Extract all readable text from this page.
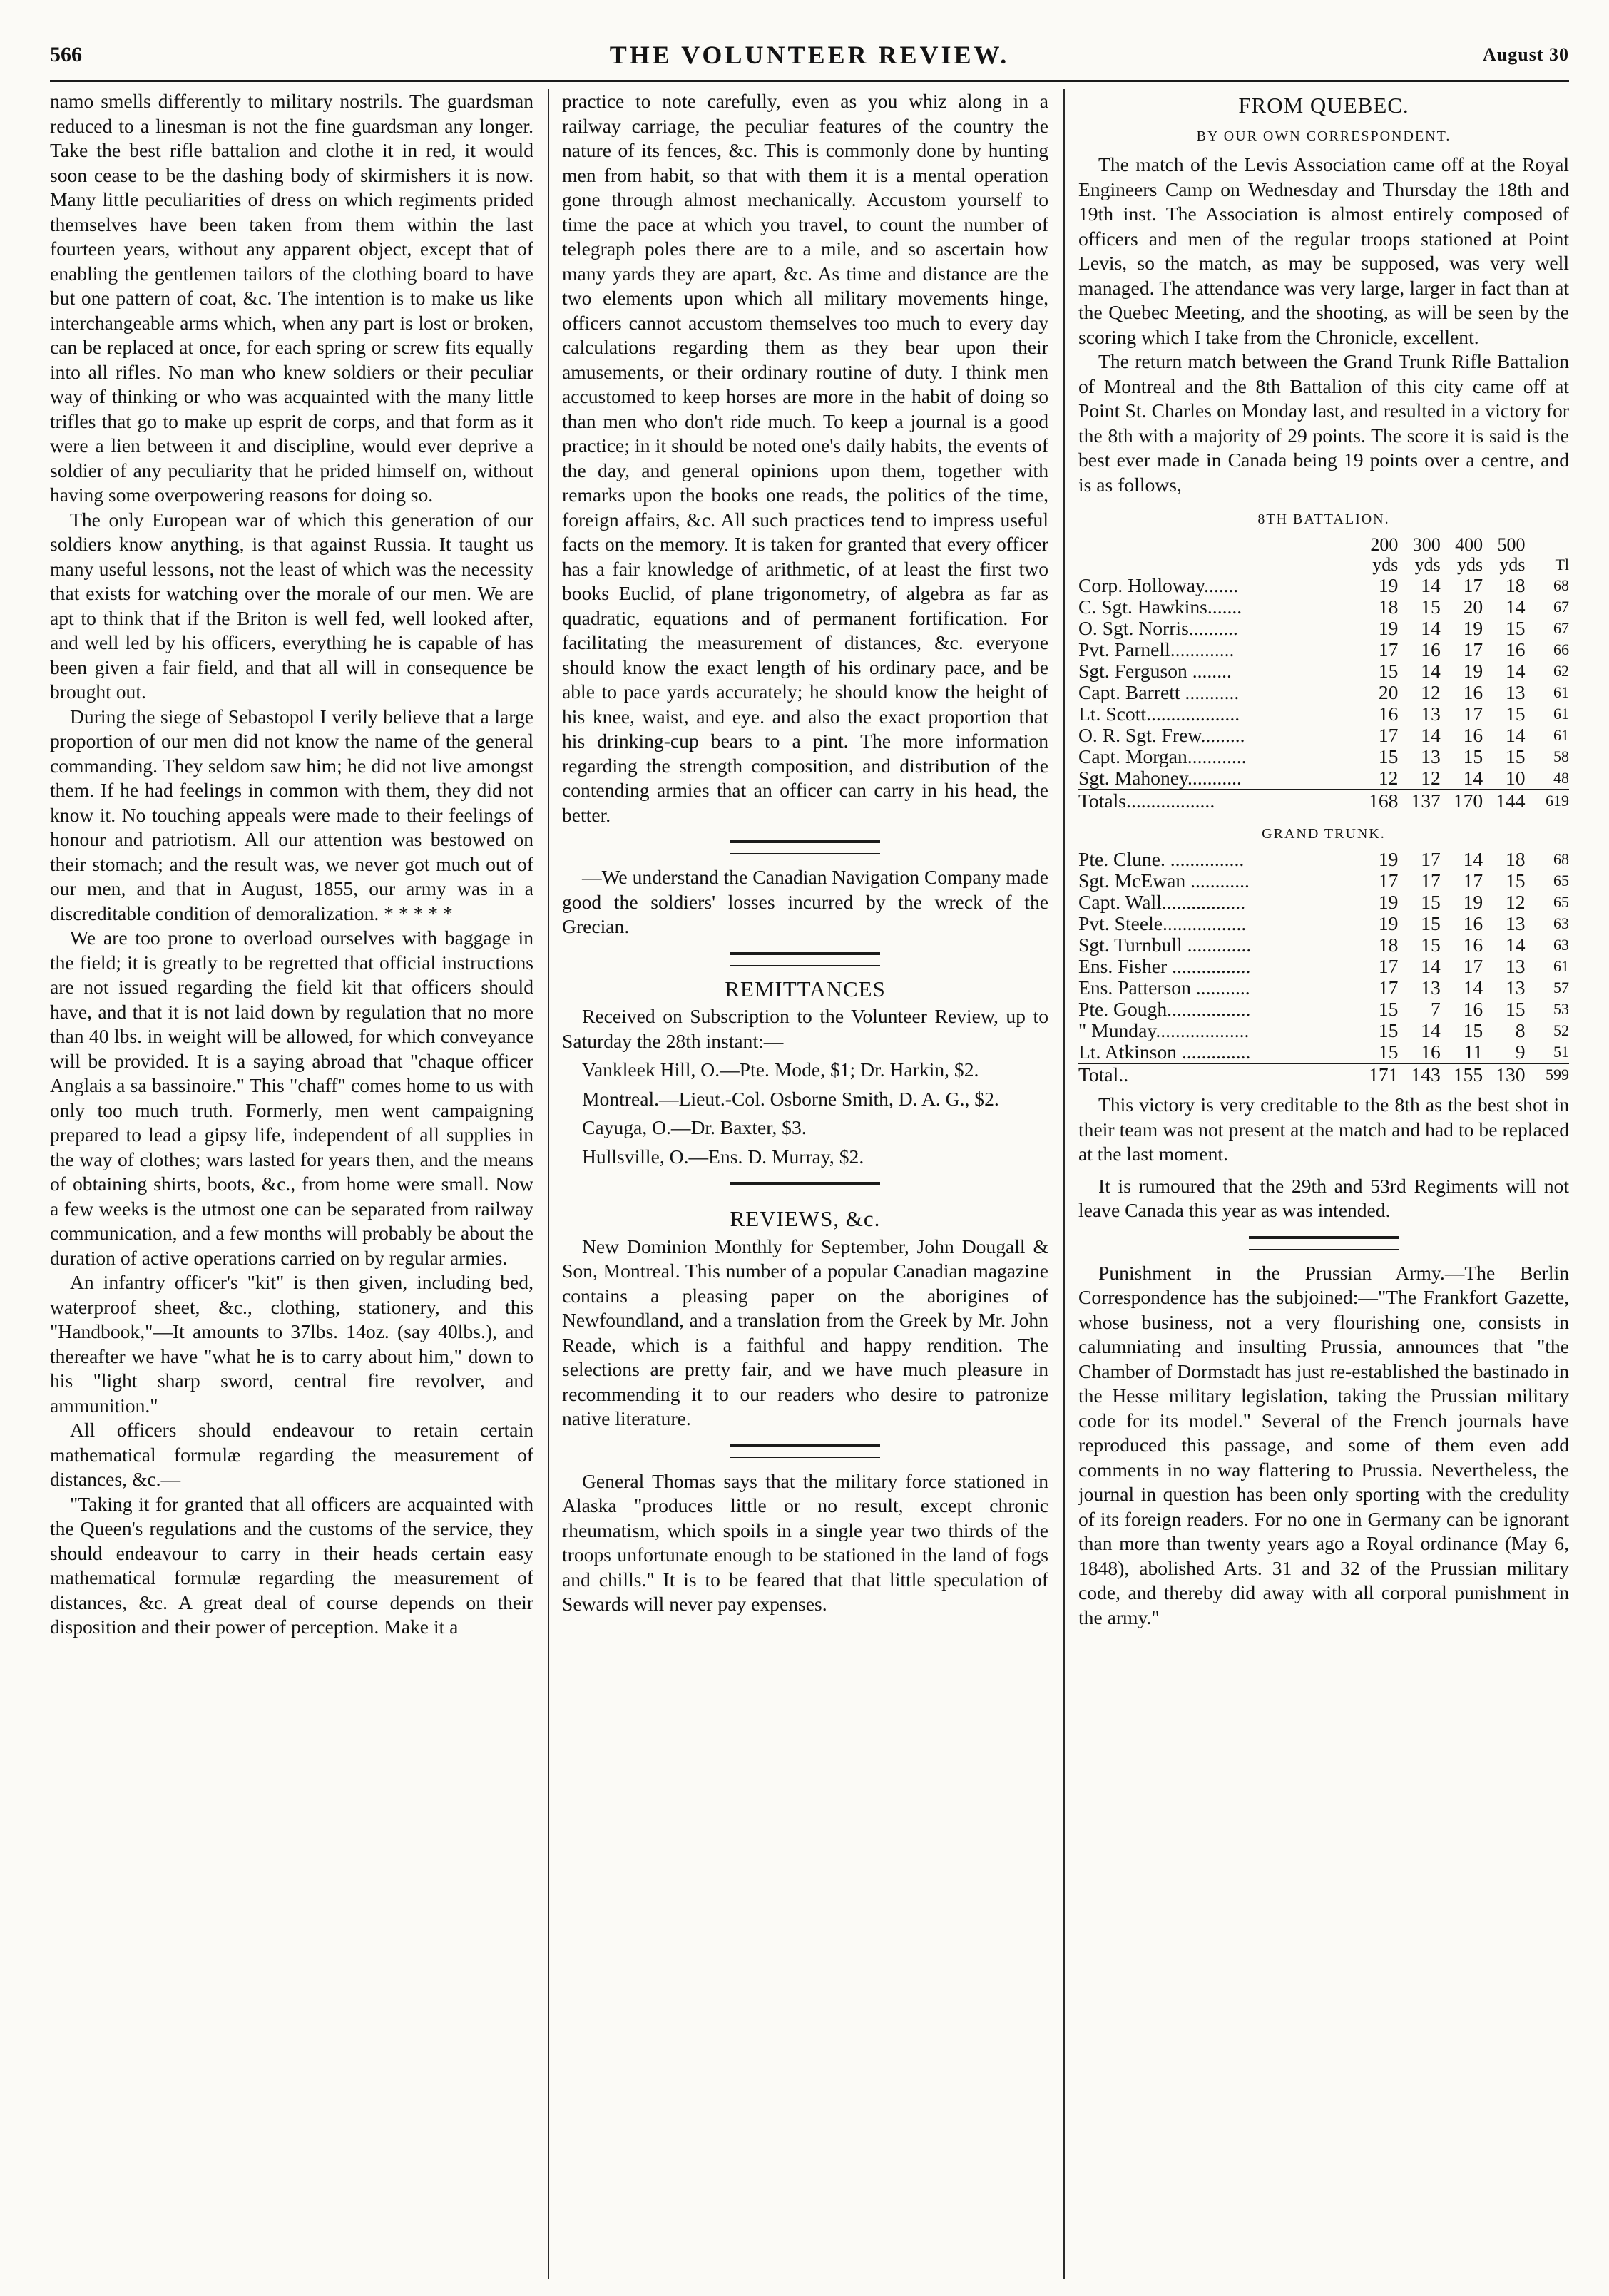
566	THE VOLUNTEER REVIEW.	August 30

namo smells differently to military nostrils. The guardsman reduced to a linesman is not the fine guardsman any longer. Take the best rifle battalion and clothe it in red, it would soon cease to be the dashing body of skirmishers it is now. Many little peculiarities of dress on which regiments prided themselves have been taken from them within the last fourteen years, without any apparent object, except that of enabling the gentlemen tailors of the clothing board to have but one pattern of coat, &c. The intention is to make us like interchangeable arms which, when any part is lost or broken, can be replaced at once, for each spring or screw fits equally into all rifles. No man who knew soldiers or their peculiar way of thinking or who was acquainted with the many little trifles that go to make up esprit de corps, and that form as it were a lien between it and discipline, would ever deprive a soldier of any peculiarity that he prided himself on, without having some overpowering reasons for doing so.

The only European war of which this generation of our soldiers know anything, is that against Russia. It taught us many useful lessons, not the least of which was the necessity that exists for watching over the morale of our men. We are apt to think that if the Briton is well fed, well looked after, and well led by his officers, everything he is capable of has been given a fair field, and that all will in consequence be brought out.

During the siege of Sebastopol I verily believe that a large proportion of our men did not know the name of the general commanding. They seldom saw him; he did not live amongst them. If he had feelings in common with them, they did not know it. No touching appeals were made to their feelings of honour and patriotism. All our attention was bestowed on their stomach; and the result was, we never got much out of our men, and that in August, 1855, our army was in a discreditable condition of demoralization. * * * * *

We are too prone to overload ourselves with baggage in the field; it is greatly to be regretted that official instructions are not issued regarding the field kit that officers should have, and that it is not laid down by regulation that no more than 40 lbs. in weight will be allowed, for which conveyance will be provided. It is a saying abroad that "chaque officer Anglais a sa bassinoire." This "chaff" comes home to us with only too much truth. Formerly, men went campaigning prepared to lead a gipsy life, independent of all supplies in the way of clothes; wars lasted for years then, and the means of obtaining shirts, boots, &c., from home were small. Now a few weeks is the utmost one can be separated from railway communication, and a few months will probably be about the duration of active operations carried on by regular armies.

An infantry officer's "kit" is then given, including bed, waterproof sheet, &c., clothing, stationery, and this "Handbook,"—It amounts to 37lbs. 14oz. (say 40lbs.), and thereafter we have "what he is to carry about him," down to his "light sharp sword, central fire revolver, and ammunition."

All officers should endeavour to retain certain mathematical formulæ regarding the measurement of distances, &c.—

"Taking it for granted that all officers are acquainted with the Queen's regulations and the customs of the service, they should endeavour to carry in their heads certain easy mathematical formulæ regarding the measurement of distances, &c. A great deal of course depends on their disposition and their power of perception. Make it a

practice to note carefully, even as you whiz along in a railway carriage, the peculiar features of the country the nature of its fences, &c. This is commonly done by hunting men from habit, so that with them it is a mental operation gone through almost mechanically. Accustom yourself to time the pace at which you travel, to count the number of telegraph poles there are to a mile, and so ascertain how many yards they are apart, &c. As time and distance are the two elements upon which all military movements hinge, officers cannot accustom themselves too much to every day calculations regarding them as they bear upon their amusements, or their ordinary routine of duty. I think men accustomed to keep horses are more in the habit of doing so than men who don't ride much. To keep a journal is a good practice; in it should be noted one's daily habits, the events of the day, and general opinions upon them, together with remarks upon the books one reads, the politics of the time, foreign affairs, &c. All such practices tend to impress useful facts on the memory. It is taken for granted that every officer has a fair knowledge of arithmetic, of at least the first two books Euclid, of plane trigonometry, of algebra as far as quadratic, equations and of permanent fortification. For facilitating the measurement of distances, &c. everyone should know the exact length of his ordinary pace, and be able to pace yards accurately; he should know the height of his knee, waist, and eye. and also the exact proportion that his drinking-cup bears to a pint. The more information regarding the strength composition, and distribution of the contending armies that an officer can carry in his head, the better.

—We understand the Canadian Navigation Company made good the soldiers' losses incurred by the wreck of the Grecian.

REMITTANCES

Received on Subscription to the Volunteer Review, up to Saturday the 28th instant:—

Vankleek Hill, O.—Pte. Mode, $1; Dr. Harkin, $2.

Montreal.—Lieut.-Col. Osborne Smith, D. A. G., $2.

Cayuga, O.—Dr. Baxter, $3.

Hullsville, O.—Ens. D. Murray, $2.

REVIEWS, &c.

New Dominion Monthly for September, John Dougall & Son, Montreal. This number of a popular Canadian magazine contains a pleasing paper on the aborigines of Newfoundland, and a translation from the Greek by Mr. John Reade, which is a faithful and happy rendition. The selections are pretty fair, and we have much pleasure in recommending it to our readers who desire to patronize native literature.

General Thomas says that the military force stationed in Alaska "produces little or no result, except chronic rheumatism, which spoils in a single year two thirds of the troops unfortunate enough to be stationed in the land of fogs and chills." It is to be feared that that little speculation of Sewards will never pay expenses.

FROM QUEBEC.
BY OUR OWN CORRESPONDENT.

The match of the Levis Association came off at the Royal Engineers Camp on Wednesday and Thursday the 18th and 19th inst. The Association is almost entirely composed of officers and men of the regular troops stationed at Point Levis, so the match, as may be supposed, was very well managed. The attendance was very large, larger in fact than at the Quebec Meeting, and the shooting, as will be seen by the scoring which I take from the Chronicle, excellent.

The return match between the Grand Trunk Rifle Battalion of Montreal and the 8th Battalion of this city came off at Point St. Charles on Monday last, and resulted in a victory for the 8th with a majority of 29 points. The score it is said is the best ever made in Canada being 19 points over a centre, and is as follows,

8TH BATTALION.
	200	300	400	500	
	yds	yds	yds	yds	Tl
Corp. Holloway.......	19	14	17	18	68
C. Sgt. Hawkins.......	18	15	20	14	67
O. Sgt. Norris..........	19	14	19	15	67
Pvt. Parnell.............	17	16	17	16	66
Sgt. Ferguson ........	15	14	19	14	62
Capt. Barrett ...........	20	12	16	13	61
Lt. Scott...................	16	13	17	15	61
O. R. Sgt. Frew.........	17	14	16	14	61
Capt. Morgan............	15	13	15	15	58
Sgt. Mahoney...........	12	12	14	10	48
Totals..................	168	137	170	144	619
GRAND TRUNK.
Pte. Clune. ...............	19	17	14	18	68
Sgt. McEwan ............	17	17	17	15	65
Capt. Wall.................	19	15	19	12	65
Pvt. Steele.................	19	15	16	13	63
Sgt. Turnbull .............	18	15	16	14	63
Ens. Fisher ................	17	14	17	13	61
Ens. Patterson ...........	17	13	14	13	57
Pte. Gough.................	15	7	16	15	53
" Munday...................	15	14	15	8	52
Lt. Atkinson ..............	15	16	11	9	51
Total..	171	143	155	130	599

This victory is very creditable to the 8th as the best shot in their team was not present at the match and had to be replaced at the last moment.

It is rumoured that the 29th and 53rd Regiments will not leave Canada this year as was intended.

Punishment in the Prussian Army.—The Berlin Correspondence has the subjoined:—"The Frankfort Gazette, whose business, not a very flourishing one, consists in calumniating and insulting Prussia, announces that "the Chamber of Dormstadt has just re-established the bastinado in the Hesse military legislation, taking the Prussian military code for its model." Several of the French journals have reproduced this passage, and some of them even add comments in no way flattering to Prussia. Nevertheless, the journal in question has been only sporting with the credulity of its foreign readers. For no one in Germany can be ignorant than more than twenty years ago a Royal ordinance (May 6, 1848), abolished Arts. 31 and 32 of the Prussian military code, and thereby did away with all corporal punishment in the army."
